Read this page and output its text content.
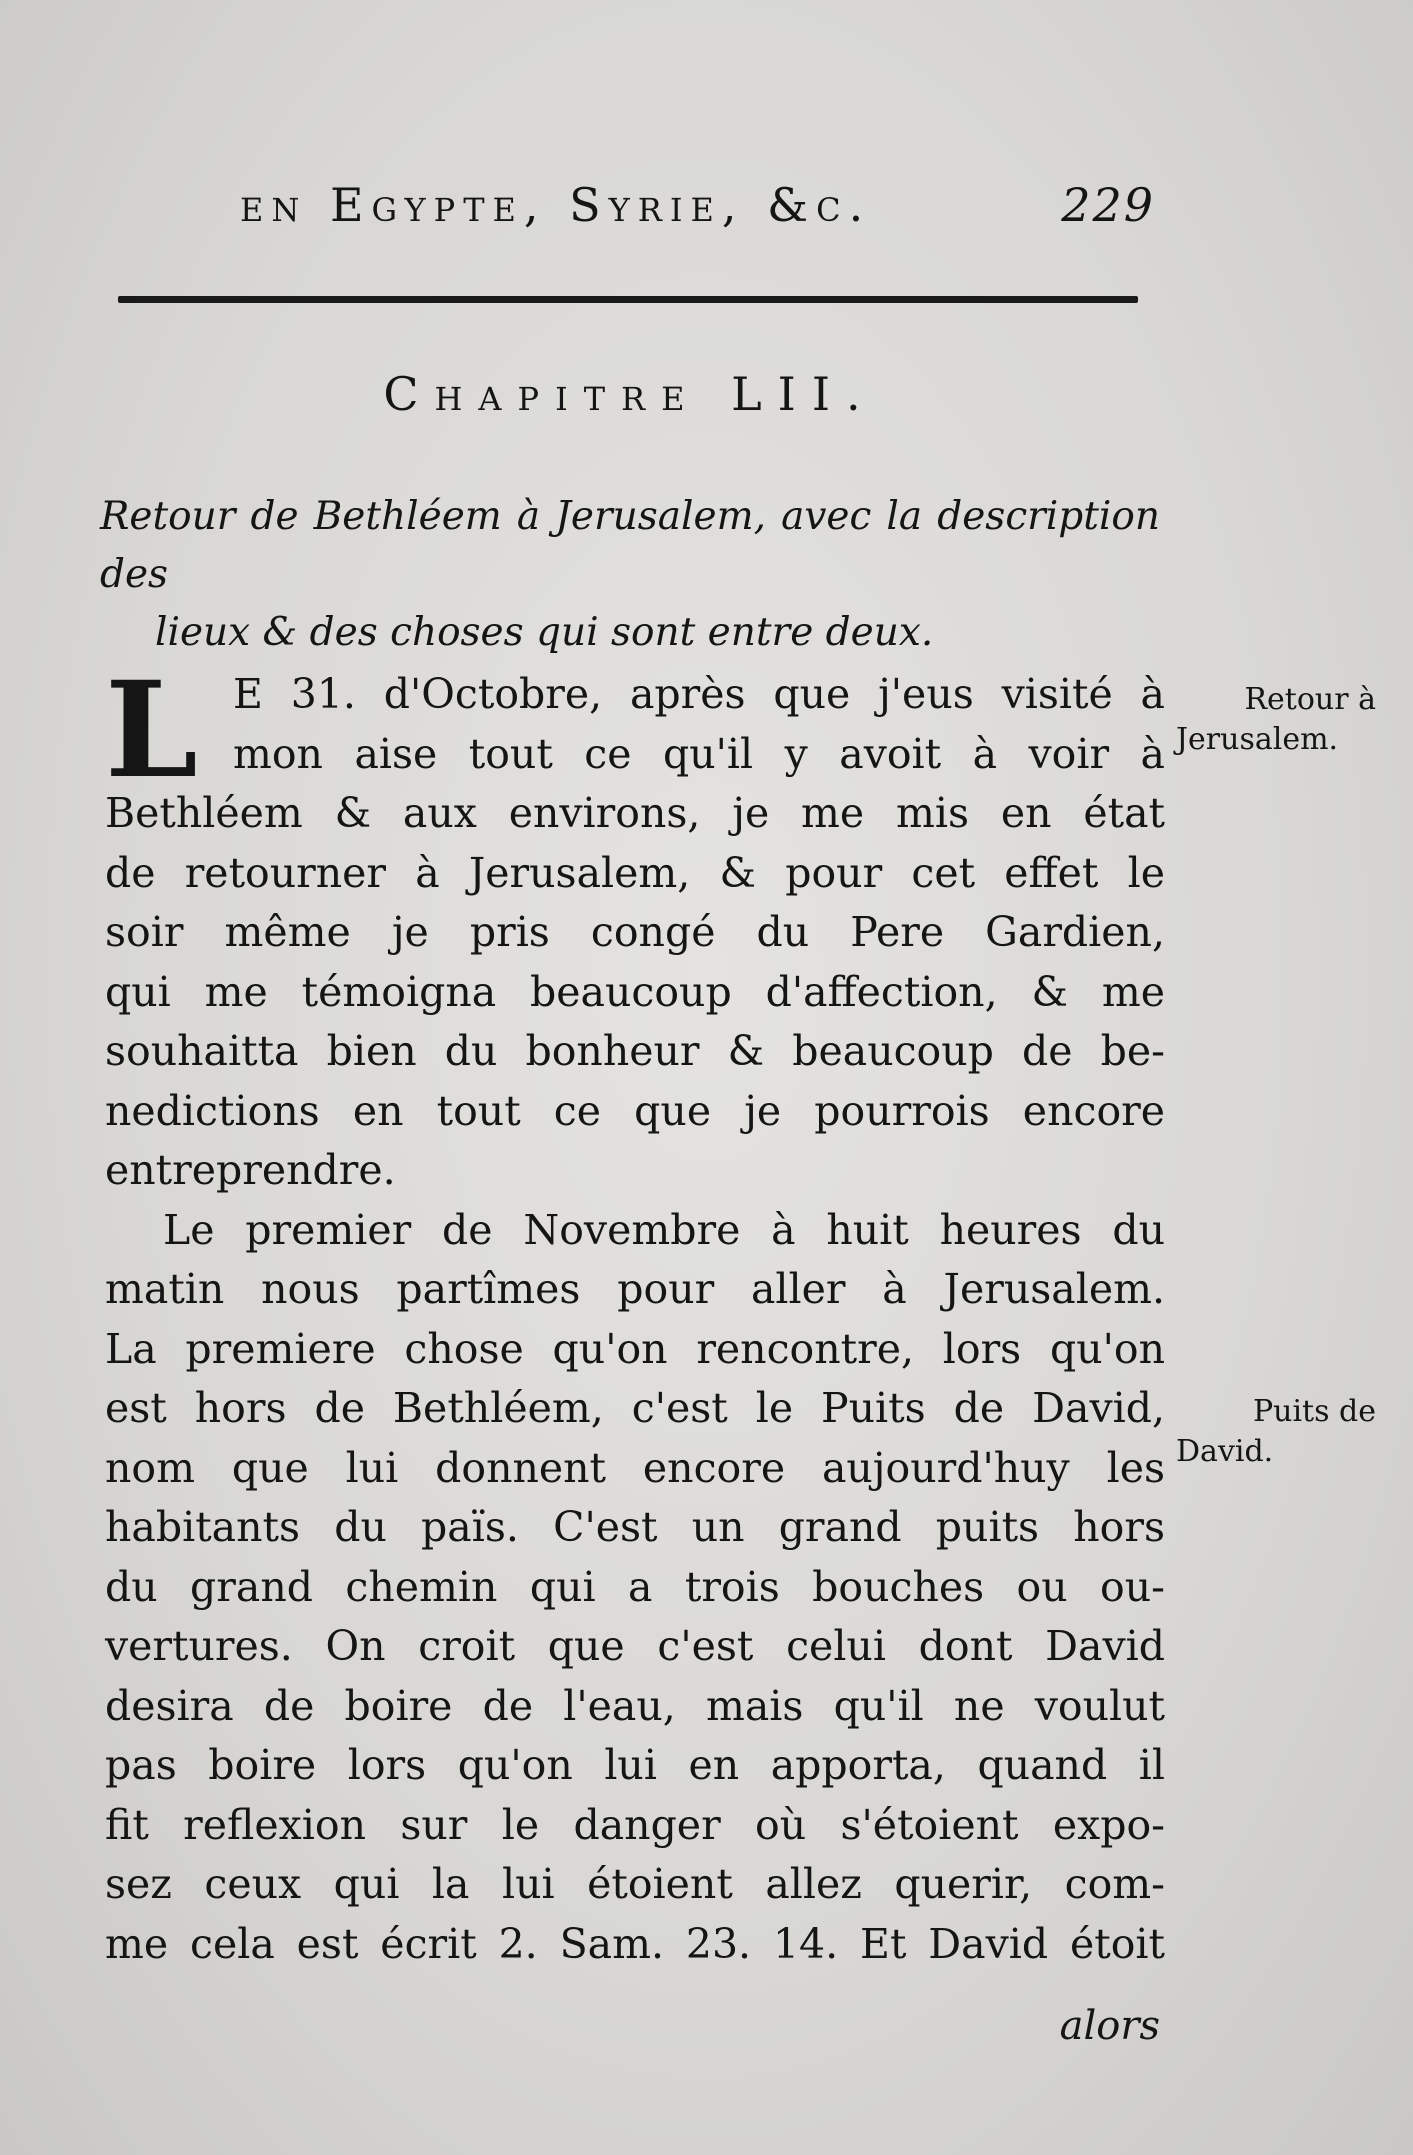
en Egypte, Syrie, &c.	229
Chapitre LII.
Retour de Bethléem à Jerusalem, avec la description des
lieux & des choses qui sont entre deux.
L E 31. d'Octobre, après que j'eus visité à
mon aise tout ce qu'il y avoit à voir à
Bethléem & aux environs, je me mis en état
de retourner à Jerusalem, & pour cet effet le
soir même je pris congé du Pere Gardien,
qui me témoigna beaucoup d'affection, & me
souhaitta bien du bonheur & beaucoup de be-
nedictions en tout ce que je pourrois encore
entreprendre.
Le premier de Novembre à huit heures du
matin nous partîmes pour aller à Jerusalem.
La premiere chose qu'on rencontre, lors qu'on
est hors de Bethléem, c'est le Puits de David,
nom que lui donnent encore aujourd'huy les
habitants du païs. C'est un grand puits hors
du grand chemin qui a trois bouches ou ou-
vertures. On croit que c'est celui dont David
desira de boire de l'eau, mais qu'il ne voulut
pas boire lors qu'on lui en apporta, quand il
fit reflexion sur le danger où s'étoient expo-
sez ceux qui la lui étoient allez querir, com-
me cela est écrit 2. Sam. 23. 14. Et David étoit
alors
Retour à
Jerusalem.
Puits de
David.
